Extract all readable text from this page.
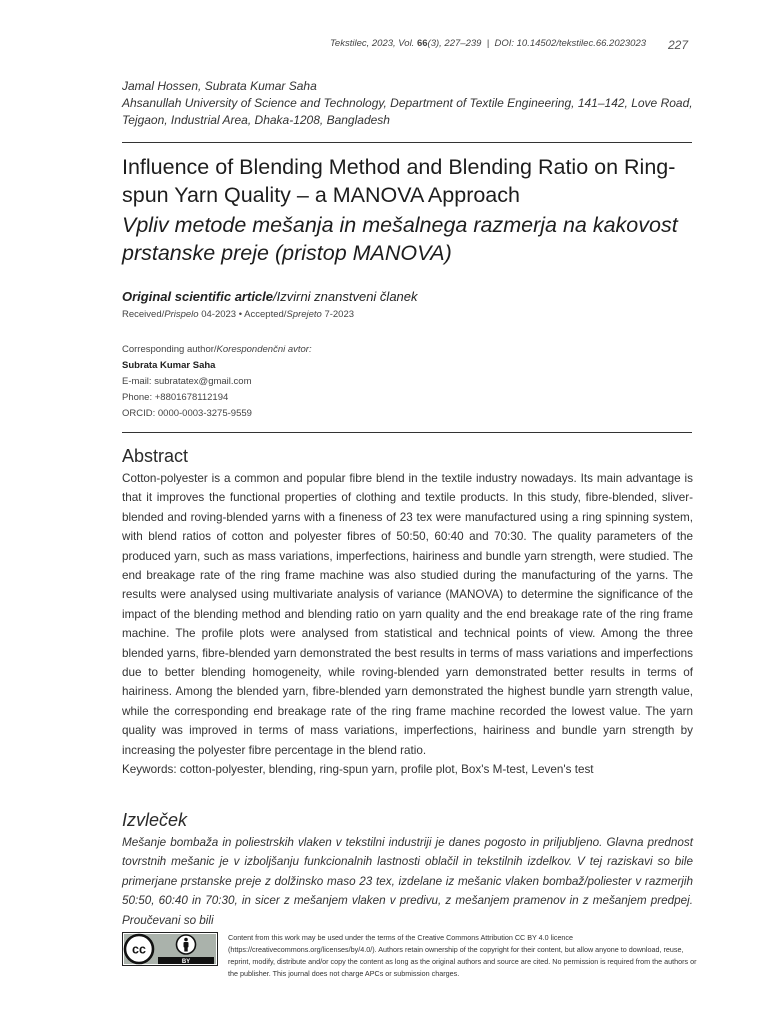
Tekstilec, 2023, Vol. 66(3), 227–239 | DOI: 10.14502/tekstilec.66.2023023 227
Jamal Hossen, Subrata Kumar Saha
Ahsanullah University of Science and Technology, Department of Textile Engineering, 141–142, Love Road,
Tejgaon, Industrial Area, Dhaka-1208, Bangladesh
Influence of Blending Method and Blending Ratio on Ring-spun Yarn Quality – a MANOVA Approach
Vpliv metode mešanja in mešalnega razmerja na kakovost prstanske preje (pristop MANOVA)
Original scientific article/Izvirni znanstveni članek
Received/Prispelo 04-2023 • Accepted/Sprejeto 7-2023
Corresponding author/Korespondenčni avtor:
Subrata Kumar Saha
E-mail: subratatex@gmail.com
Phone: +8801678112194
ORCID: 0000-0003-3275-9559
Abstract

Cotton-polyester is a common and popular fibre blend in the textile industry nowadays. Its main advantage is that it improves the functional properties of clothing and textile products. In this study, fibre-blended, sliver-blended and roving-blended yarns with a fineness of 23 tex were manufactured using a ring spinning system, with blend ratios of cotton and polyester fibres of 50:50, 60:40 and 70:30. The quality parameters of the produced yarn, such as mass variations, imperfections, hairiness and bundle yarn strength, were studied. The end breakage rate of the ring frame machine was also studied during the manufacturing of the yarns. The results were analysed using multivariate analysis of variance (MANOVA) to determine the significance of the impact of the blending method and blending ratio on yarn quality and the end breakage rate of the ring frame machine. The profile plots were analysed from statistical and technical points of view. Among the three blended yarns, fibre-blended yarn demonstrated the best results in terms of mass variations and imperfections due to better blending homogeneity, while roving-blended yarn demonstrated better results in terms of hairiness. Among the blended yarn, fibre-blended yarn demonstrated the highest bundle yarn strength value, while the corresponding end breakage rate of the ring frame machine recorded the lowest value. The yarn quality was improved in terms of mass variations, imperfections, hairiness and bundle yarn strength by increasing the polyester fibre percentage in the blend ratio.

Keywords: cotton-polyester, blending, ring-spun yarn, profile plot, Box's M-test, Leven's test

Izvleček
Mešanje bombaža in poliestrskih vlaken v tekstilni industriji je danes pogosto in priljubljeno. Glavna prednost tovrstnih mešanic je v izboljšanju funkcionalnih lastnosti oblačil in tekstilnih izdelkov. V tej raziskavi so bile primerjane prstanske preje z dolžinsko maso 23 tex, izdelane iz mešanic vlaken bombaž/poliester v razmerjih 50:50, 60:40 in 70:30, in sicer z mešanjem vlaken v predivu, z mešanjem pramenov in z mešanjem predpej. Proučevani so bili
cc
BY
Content from this work may be used under the terms of the Creative Commons Attribution CC BY 4.0 licence (https://creativecommons.org/licenses/by/4.0/). Authors retain ownership of the copyright for their content, but allow anyone to download, reuse, reprint, modify, distribute and/or copy the content as long as the original authors and source are cited. No permission is required from the authors or the publisher. This journal does not charge APCs or submission charges.
